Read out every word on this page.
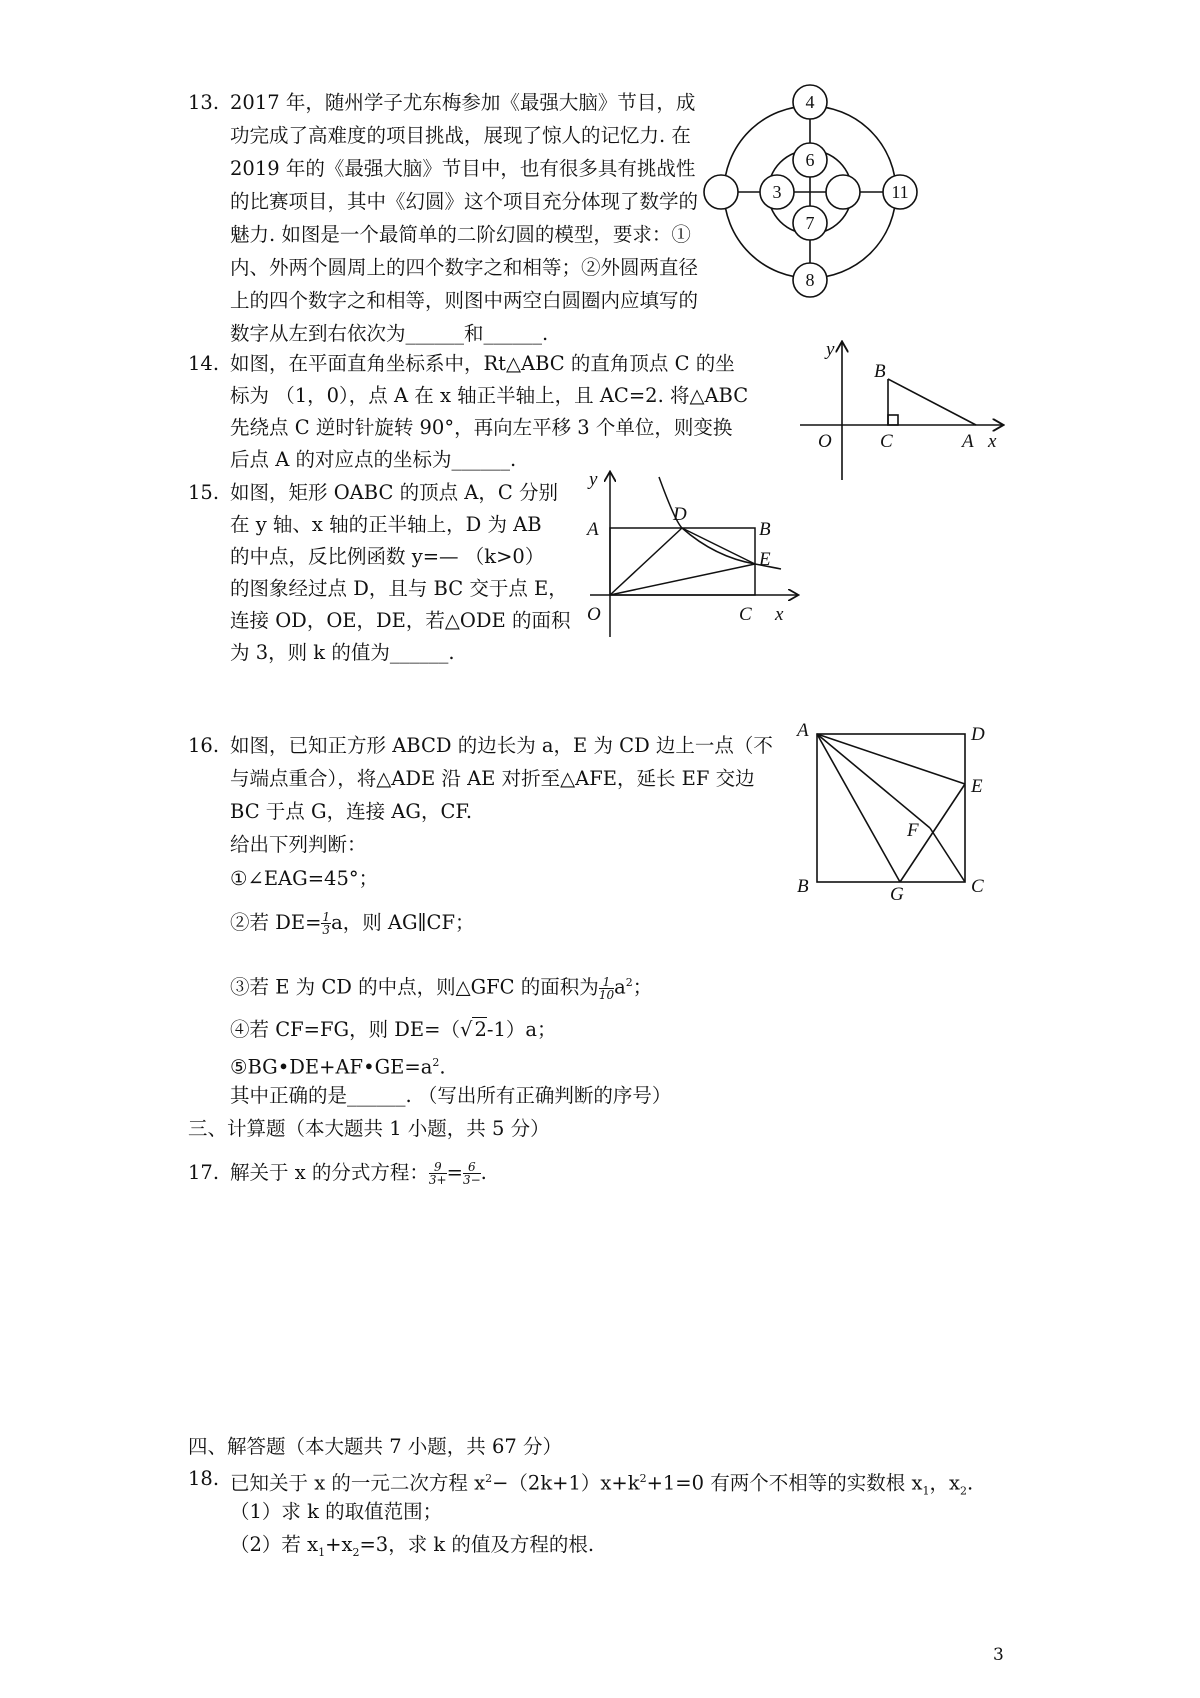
13. 2017 年，随州学子尤东梅参加《最强大脑》节目，成
功完成了高难度的项目挑战，展现了惊人的记忆力. 在
2019 年的《最强大脑》节目中，也有很多具有挑战性
的比赛项目，其中《幻圆》这个项目充分体现了数学的
魅力. 如图是一个最简单的二阶幻圆的模型，要求：①
内、外两个圆周上的四个数字之和相等；②外圆两直径
上的四个数字之和相等，则图中两空白圆圈内应填写的
数字从左到右依次为______和______.
4
6
3
7
11
8
14. 如图，在平面直角坐标系中，Rt△ABC 的直角顶点 C 的坐
标为 （1，0），点 A 在 x 轴正半轴上，且 AC=2. 将△ABC
先绕点 C 逆时针旋转 90°，再向左平移 3 个单位，则变换
后点 A 的对应点的坐标为______.
y
x
O	C	A
B
15. 如图，矩形 OABC 的顶点 A，C 分别
在 y 轴、x 轴的正半轴上，D 为 AB
的中点，反比例函数 y=— （k>0）
的图象经过点 D，且与 BC 交于点 E，
连接 OD，OE，DE，若△ODE 的面积
为 3，则 k 的值为______.
y
x
O
A	B
C
D
E
16. 如图，已知正方形 ABCD 的边长为 a，E 为 CD 边上一点（不
与端点重合），将△ADE 沿 AE 对折至△AFE，延长 EF 交边
BC 于点 G，连接 AG，CF.
给出下列判断：
①∠EAG=45°；
②若 $DE= \frac{1}{3}$ a，则 AG∥CF；
③若 E 为 CD 的中点，则△GFC 的面积为 $\frac{1}{10} a^2$；
④若 CF=FG，则 DE=（√ 2-1）a；
$⑤BG•DE+AF•GE=a^2$.
其中正确的是______. （写出所有正确判断的序号）
A	D
E
F
B	G	C
三、计算题（本大题共 1 小题，共 5 分）
17. 解关于 x 的分式方程： $\frac{9}{3+} = \frac{6}{3-}$ .
四、解答题（本大题共 7 小题，共 67 分）
18. 已知关于 x 的一元二次方程 $x^2-(2k+1)x+k^2+1=0$ 有两个不相等的实数根 $x_1$，$x_2$.
（1）求 k 的取值范围；
（2）若 $x_1+x_2=3$，求 k 的值及方程的根.
3
